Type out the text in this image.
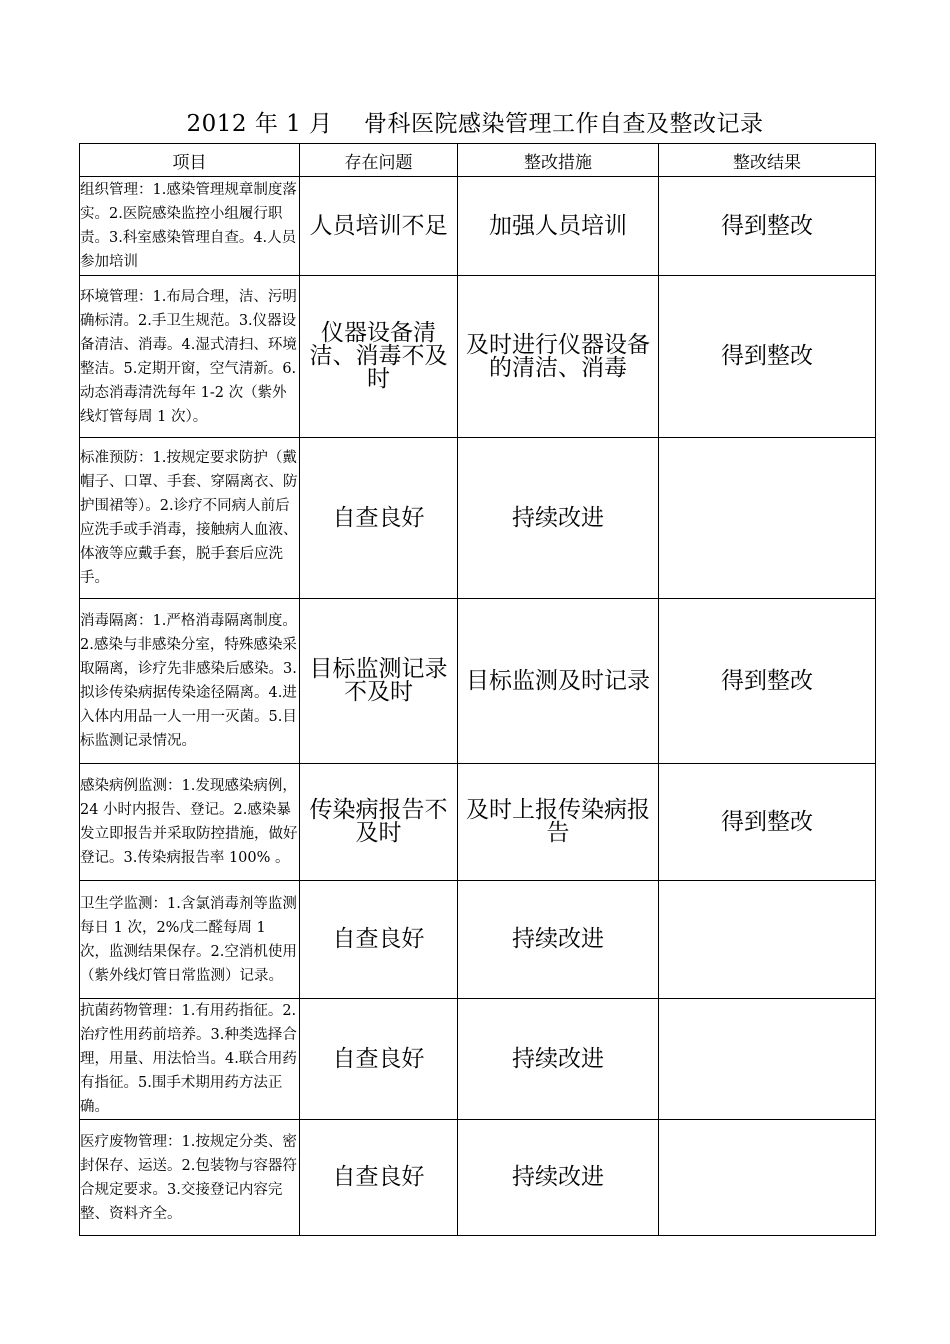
2012 年 1 月　 骨科医院感染管理工作自查及整改记录
项目	存在问题	整改措施	整改结果
组织管理：1.感染管理规章制度落实。2.医院感染监控小组履行职责。3.科室感染管理自查。4.人员参加培训	人员培训不足	加强人员培训	得到整改
环境管理：1.布局合理，洁、污明确标清。2.手卫生规范。3.仪器设备清洁、消毒。4.湿式清扫、环境整洁。5.定期开窗，空气清新。6.动态消毒清洗每年 1-2 次（紫外线灯管每周 1 次）。	仪器设备清洁、消毒不及时	及时进行仪器设备的清洁、消毒	得到整改
标准预防：1.按规定要求防护（戴帽子、口罩、手套、穿隔离衣、防护围裙等）。2.诊疗不同病人前后应洗手或手消毒，接触病人血液、体液等应戴手套，脱手套后应洗手。	自查良好	持续改进	
消毒隔离：1.严格消毒隔离制度。2.感染与非感染分室，特殊感染采取隔离，诊疗先非感染后感染。3.拟诊传染病据传染途径隔离。4.进入体内用品一人一用一灭菌。5.目标监测记录情况。	目标监测记录不及时	目标监测及时记录	得到整改
感染病例监测：1.发现感染病例，24 小时内报告、登记。2.感染暴发立即报告并采取防控措施，做好登记。3.传染病报告率 100% 。	传染病报告不及时	及时上报传染病报告	得到整改
卫生学监测：1.含氯消毒剂等监测每日 1 次，2%戊二醛每周 1 次，监测结果保存。2.空消机使用（紫外线灯管日常监测）记录。	自查良好	持续改进	
抗菌药物管理：1.有用药指征。2.治疗性用药前培养。3.种类选择合理，用量、用法恰当。4.联合用药有指征。5.围手术期用药方法正确。	自查良好	持续改进	
医疗废物管理：1.按规定分类、密封保存、运送。2.包装物与容器符合规定要求。3.交接登记内容完整、资料齐全。	自查良好	持续改进	
